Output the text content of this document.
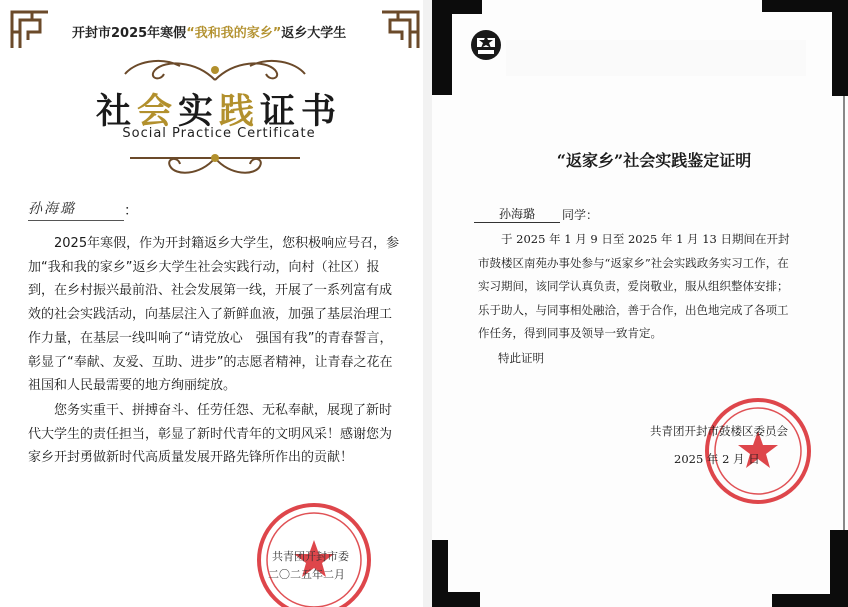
开封市2025年寒假“我和我的家乡”返乡大学生
社会实践证书
Social Practice Certificate
孙海璐	：

2025年寒假，作为开封籍返乡大学生，您积极响应号召，参加“我和我的家乡”返乡大学生社会实践行动，向村（社区）报到，在乡村振兴最前沿、社会发展第一线，开展了一系列富有成效的社会实践活动，向基层注入了新鲜血液，加强了基层治理工作力量，在基层一线叫响了“请党放心　强国有我”的青春誓言，彰显了“奉献、友爱、互助、进步”的志愿者精神，让青春之花在祖国和人民最需要的地方绚丽绽放。

您务实重干、拼搏奋斗、任劳任怨、无私奉献，展现了新时代大学生的责任担当，彰显了新时代青年的文明风采！感谢您为家乡开封勇做新时代高质量发展开路先锋所作出的贡献！

共青团开封市委
二〇二五年二月
“返家乡”社会实践鉴定证明
孙海璐	同学：

于 2025 年 1 月 9 日至 2025 年 1 月 13 日期间在开封市鼓楼区南苑办事处参与“返家乡”社会实践政务实习工作，在实习期间，该同学认真负责，爱岗敬业，服从组织整体安排；乐于助人，与同事相处融洽，善于合作，出色地完成了各项工作任务，得到同事及领导一致肯定。

特此证明
共青团开封市鼓楼区委员会
2025 年 2 月 日
